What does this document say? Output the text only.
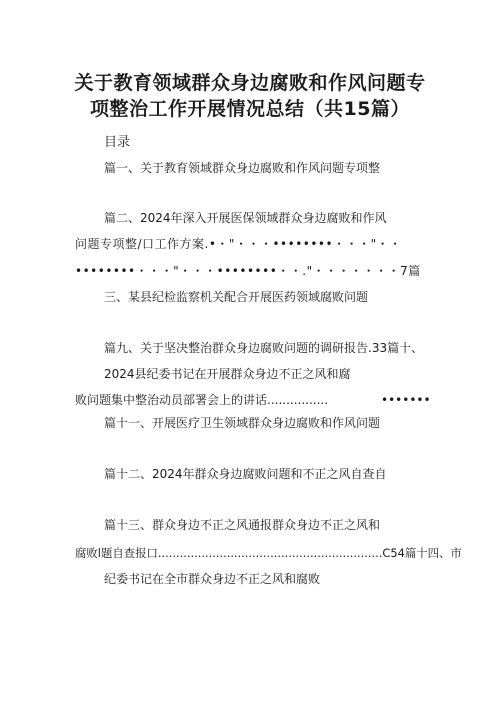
关于教育领域群众身边腐败和作风问题专
项整治工作开展情况总结（共15篇）
目录
篇一、关于教育领域群众身边腐败和作风问题专项整
篇二、2024年深入开展医保领域群众身边腐败和作风
问题专项整/口工作方案.•・"・・・••••••••・・・"・・
••••••••・・・"・・・••••••••・・."・・・・・・・7篇
三、某县纪检监察机关配合开展医药领域腐败问题
篇九、关于坚决整治群众身边腐败问题的调研报告.33篇十、
2024县纪委书记在开展群众身边不正之风和腐
败问题集中整治动员部署会上的讲话................	•••••••
篇十一、开展医疗卫生领域群众身边腐败和作风问题
篇十二、2024年群众身边腐败问题和不正之风自查自
篇十三、群众身边不正之风通报群众身边不正之风和
腐败l题自查报口..............................................................C54篇十四、市
纪委书记在全市群众身边不正之风和腐败
